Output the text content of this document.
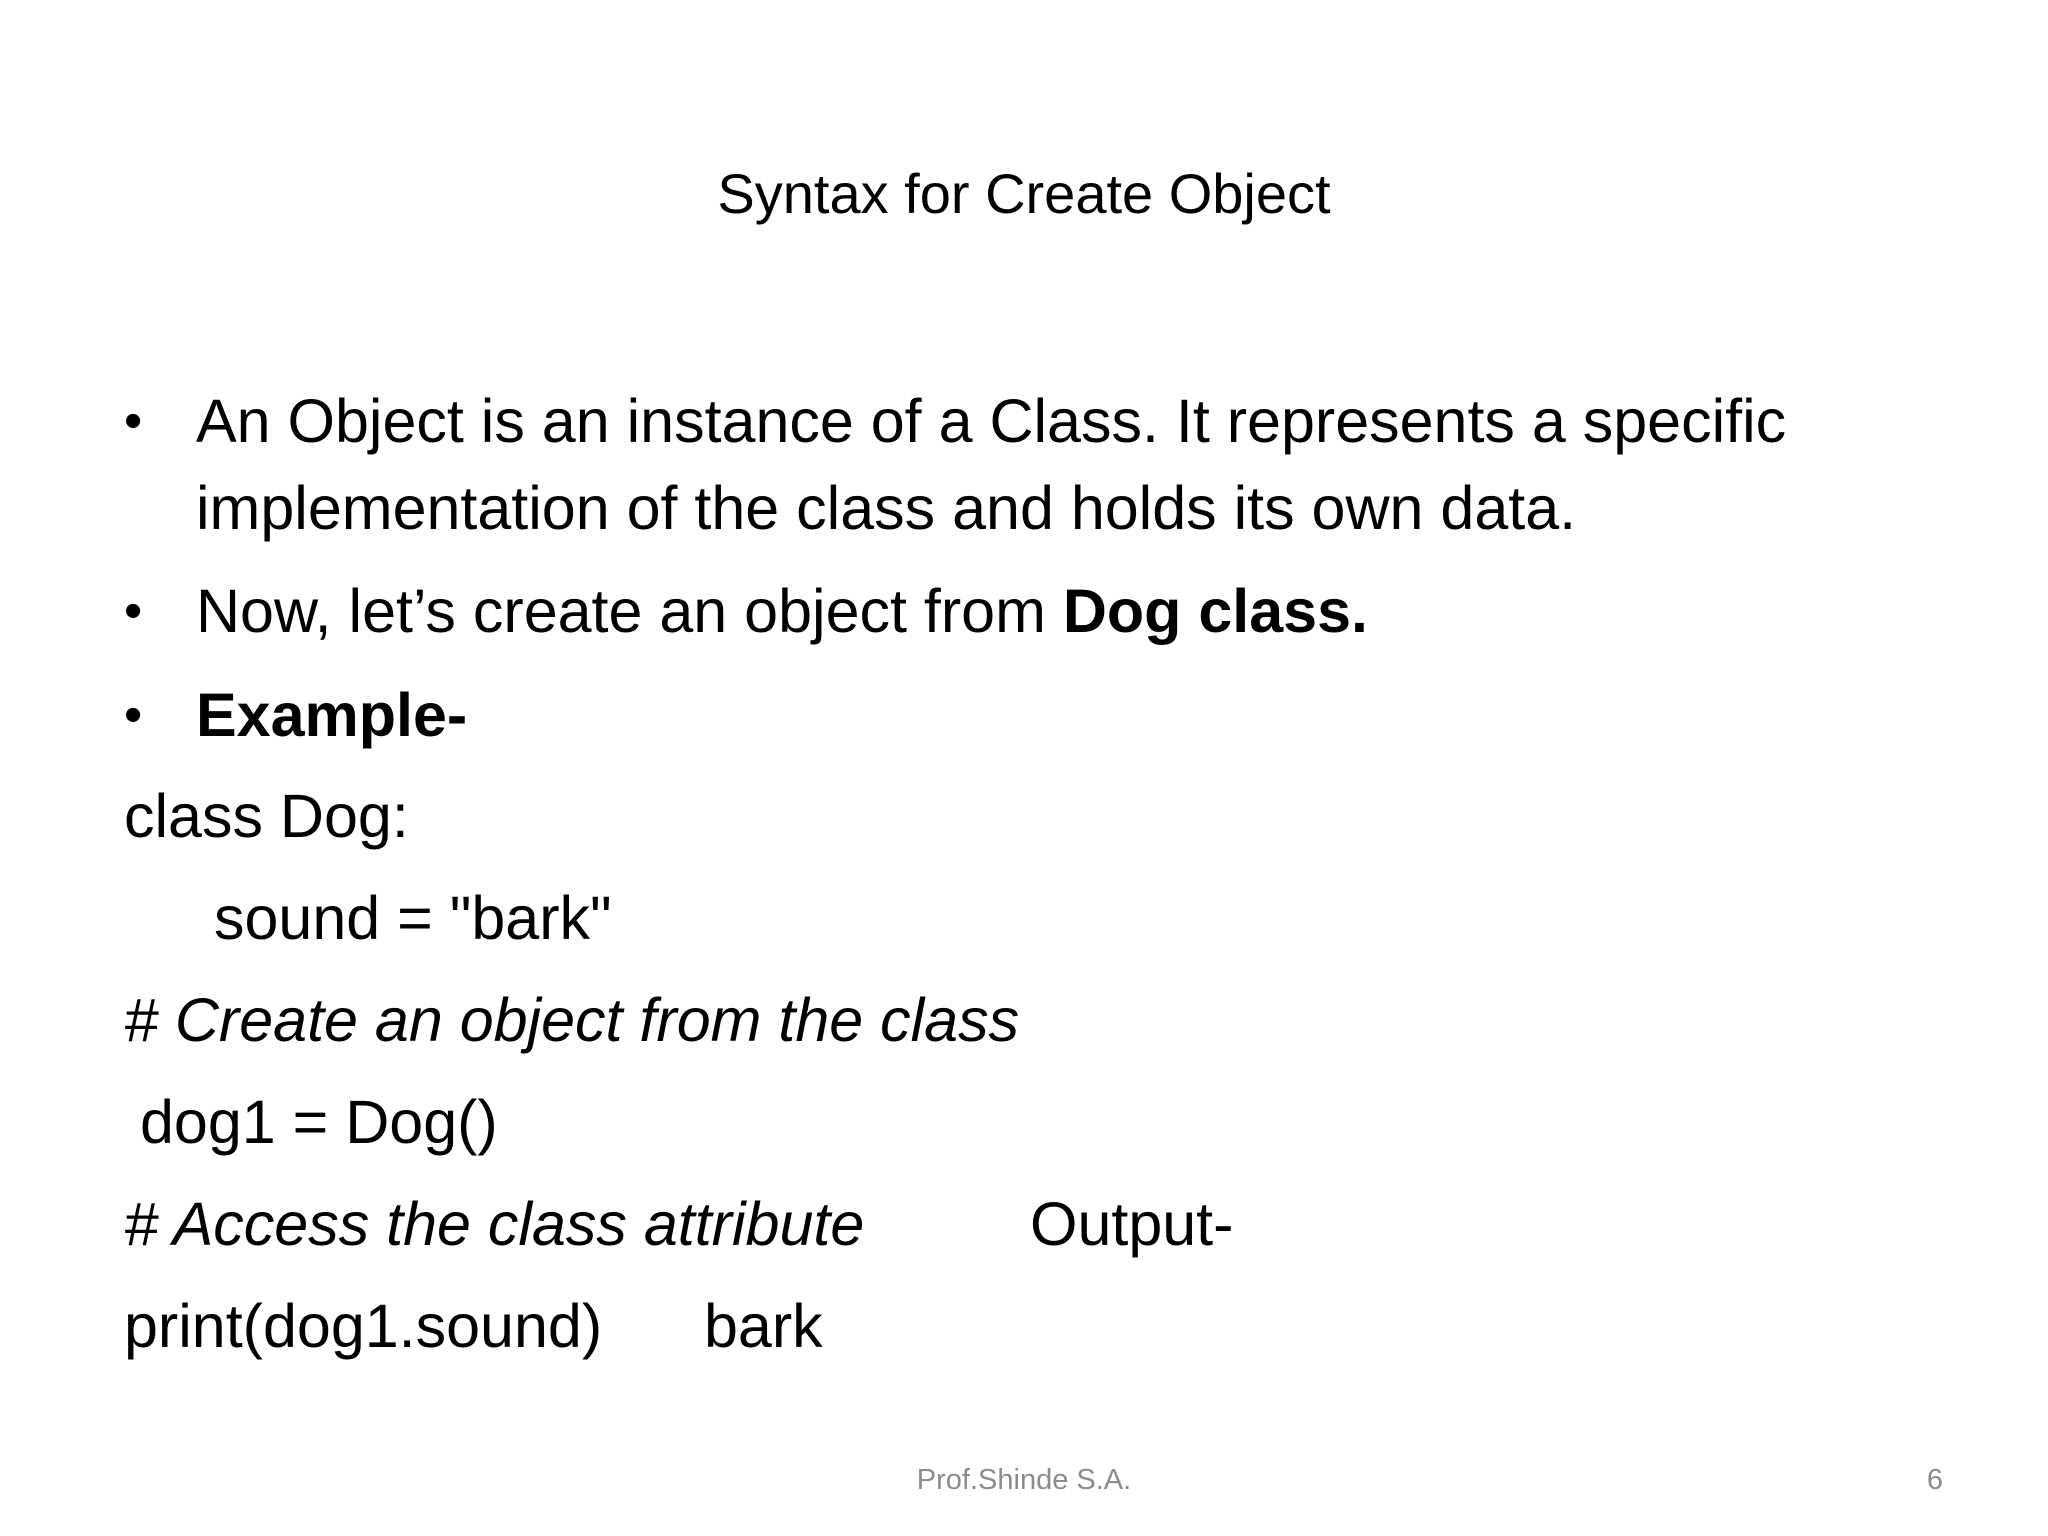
Syntax for Create Object
• An Object is an instance of a Class. It represents a specific implementation of the class and holds its own data.
• Now, let’s create an object from Dog class.
• Example-
class Dog:
sound = "bark"
# Create an object from the class
dog1 = Dog()
# Access the class attribute	Output-
print(dog1.sound) bark
Prof.Shinde S.A.	6
